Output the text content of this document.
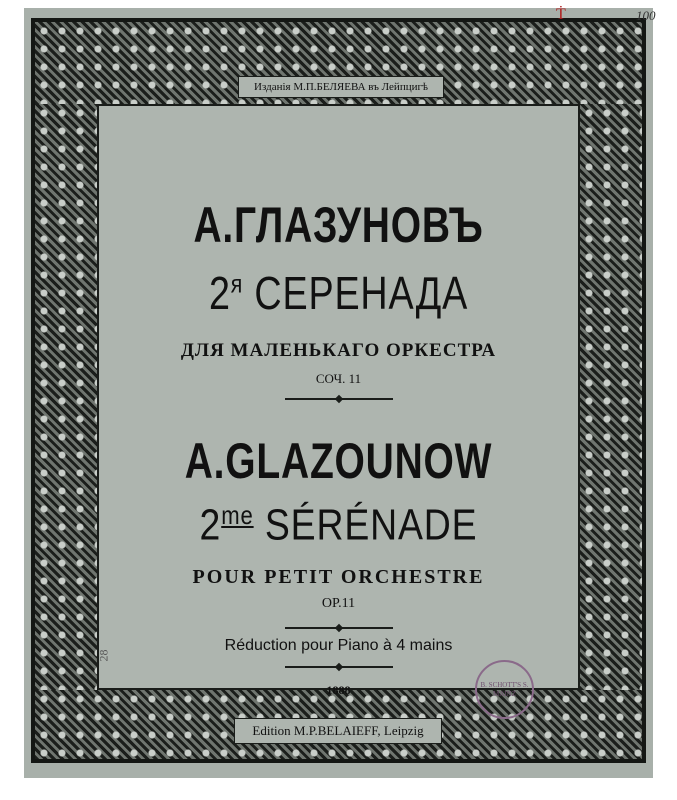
Изданія М.П.БЕЛЯЕВА въ Лейпцигѣ
А.ГЛАЗУНОВЪ
$2^я$ СЕРЕНАДА
ДЛЯ МАЛЕНЬКАГО ОРКЕСТРА
СОЧ. 11
A.GLAZOUNOW
$2^{me}$ SÉRÉNADE
POUR PETIT ORCHESTRE
OP.11
Réduction pour Piano à 4 mains
1888
Edition M.P.BELAIEFF, Leipzig
Ṫ	100
28
B. SCHOTT'S S. MAINZ
